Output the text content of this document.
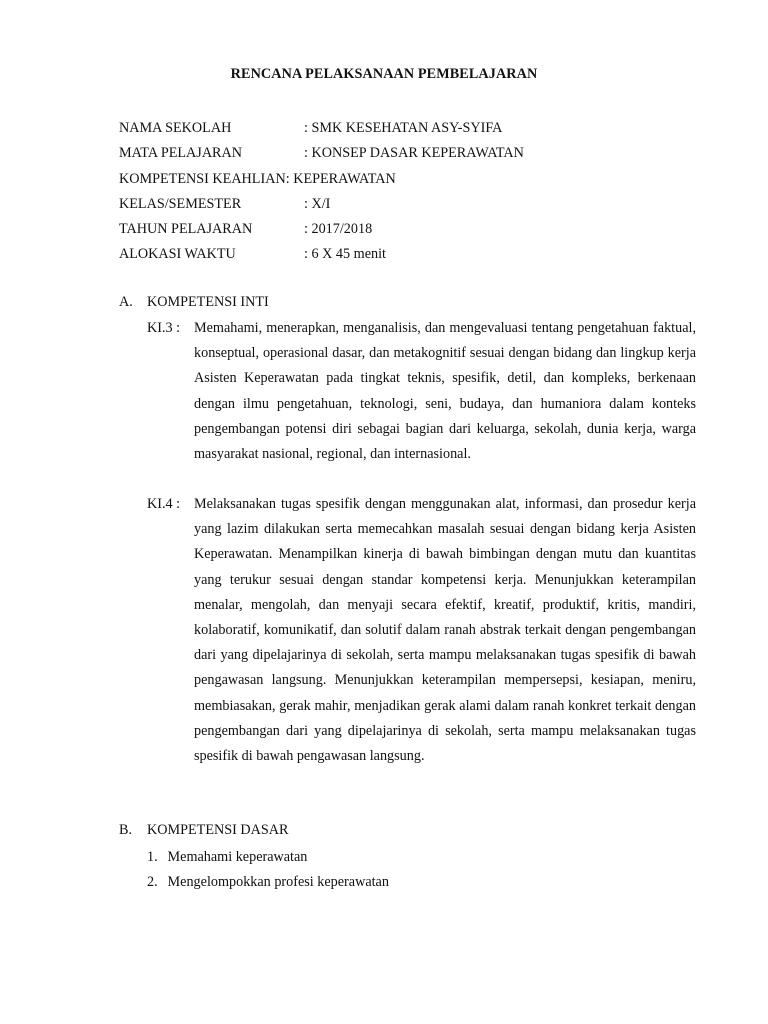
RENCANA PELAKSANAAN PEMBELAJARAN
NAMA SEKOLAH	: SMK KESEHATAN ASY-SYIFA
MATA PELAJARAN	: KONSEP DASAR KEPERAWATAN
KOMPETENSI KEAHLIAN: KEPERAWATAN
KELAS/SEMESTER	: X/I
TAHUN PELAJARAN	: 2017/2018
ALOKASI WAKTU	: 6 X 45 menit
A. KOMPETENSI INTI
KI.3 : Memahami, menerapkan, menganalisis, dan mengevaluasi tentang pengetahuan faktual, konseptual, operasional dasar, dan metakognitif sesuai dengan bidang dan lingkup kerja Asisten Keperawatan pada tingkat teknis, spesifik, detil, dan kompleks, berkenaan dengan ilmu pengetahuan, teknologi, seni, budaya, dan humaniora dalam konteks pengembangan potensi diri sebagai bagian dari keluarga, sekolah, dunia kerja, warga masyarakat nasional, regional, dan internasional.
KI.4 : Melaksanakan tugas spesifik dengan menggunakan alat, informasi, dan prosedur kerja yang lazim dilakukan serta memecahkan masalah sesuai dengan bidang kerja Asisten Keperawatan. Menampilkan kinerja di bawah bimbingan dengan mutu dan kuantitas yang terukur sesuai dengan standar kompetensi kerja. Menunjukkan keterampilan menalar, mengolah, dan menyaji secara efektif, kreatif, produktif, kritis, mandiri, kolaboratif, komunikatif, dan solutif dalam ranah abstrak terkait dengan pengembangan dari yang dipelajarinya di sekolah, serta mampu melaksanakan tugas spesifik di bawah pengawasan langsung. Menunjukkan keterampilan mempersepsi, kesiapan, meniru, membiasakan, gerak mahir, menjadikan gerak alami dalam ranah konkret terkait dengan pengembangan dari yang dipelajarinya di sekolah, serta mampu melaksanakan tugas spesifik di bawah pengawasan langsung.
B. KOMPETENSI DASAR
1. Memahami keperawatan
2. Mengelompokkan profesi keperawatan
